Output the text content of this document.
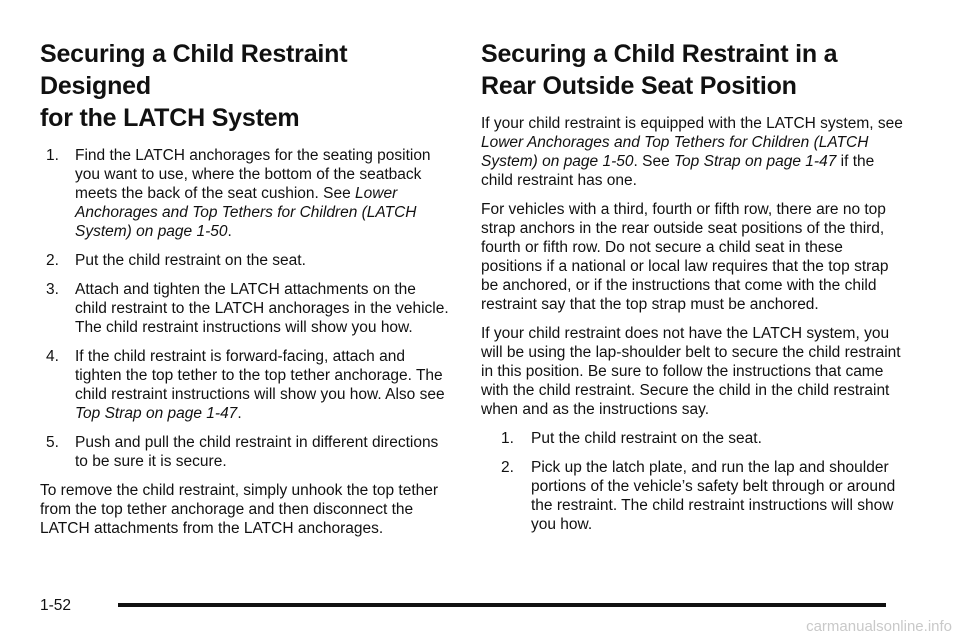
Securing a Child Restraint Designed
for the LATCH System
1. Find the LATCH anchorages for the seating position you want to use, where the bottom of the seatback meets the back of the seat cushion. See Lower Anchorages and Top Tethers for Children (LATCH System) on page 1-50.
2. Put the child restraint on the seat.
3. Attach and tighten the LATCH attachments on the child restraint to the LATCH anchorages in the vehicle. The child restraint instructions will show you how.
4. If the child restraint is forward-facing, attach and tighten the top tether to the top tether anchorage. The child restraint instructions will show you how. Also see Top Strap on page 1-47.
5. Push and pull the child restraint in different directions to be sure it is secure.

To remove the child restraint, simply unhook the top tether from the top tether anchorage and then disconnect the LATCH attachments from the LATCH anchorages.

Securing a Child Restraint in a
Rear Outside Seat Position

If your child restraint is equipped with the LATCH system, see Lower Anchorages and Top Tethers for Children (LATCH System) on page 1-50. See Top Strap on page 1-47 if the child restraint has one.

For vehicles with a third, fourth or fifth row, there are no top strap anchors in the rear outside seat positions of the third, fourth or fifth row. Do not secure a child seat in these positions if a national or local law requires that the top strap be anchored, or if the instructions that come with the child restraint say that the top strap must be anchored.

If your child restraint does not have the LATCH system, you will be using the lap-shoulder belt to secure the child restraint in this position. Be sure to follow the instructions that came with the child restraint. Secure the child in the child restraint when and as the instructions say.

1. Put the child restraint on the seat.
2. Pick up the latch plate, and run the lap and shoulder portions of the vehicle’s safety belt through or around the restraint. The child restraint instructions will show you how.
1-52
carmanualsonline.info
